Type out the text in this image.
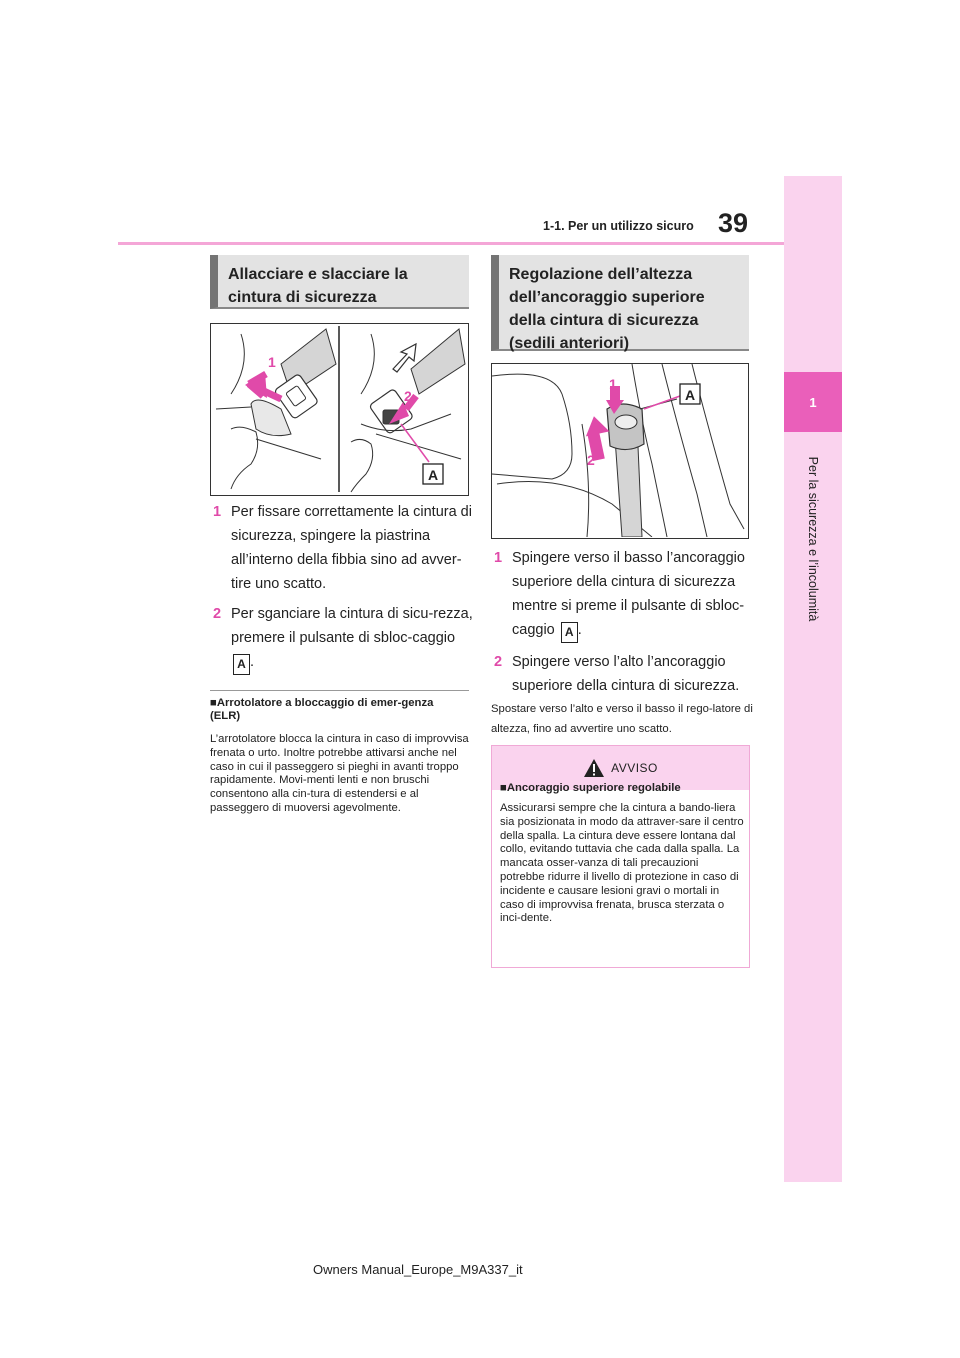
1-1. Per un utilizzo sicuro 39
1
Per la sicurezza e l’incolumità
Allacciare e slacciare la cintura di sicurezza
1
2
A
1 Per fissare correttamente la cintura di sicurezza, spingere la piastrina all’interno della fibbia sino ad avver-tire uno scatto.
2 Per sganciare la cintura di sicu-rezza, premere il pulsante di sbloc-caggio A .
■Arrotolatore a bloccaggio di emer-genza (ELR)
L’arrotolatore blocca la cintura in caso di improvvisa frenata o urto. Inoltre potrebbe attivarsi anche nel caso in cui il passeggero si pieghi in avanti troppo rapidamente. Movi-menti lenti e non bruschi consentono alla cin-tura di estendersi e al passeggero di muoversi agevolmente.
Regolazione dell’altezza dell’ancoraggio superiore della cintura di sicurezza (sedili anteriori)
1
2
A
1 Spingere verso il basso l’ancoraggio superiore della cintura di sicurezza mentre si preme il pulsante di sbloc-caggio A .
2 Spingere verso l’alto l’ancoraggio superiore della cintura di sicurezza.
Spostare verso l’alto e verso il basso il rego-latore di altezza, fino ad avvertire uno scatto.
AVVISO
■Ancoraggio superiore regolabile
Assicurarsi sempre che la cintura a bando-liera sia posizionata in modo da attraver-sare il centro della spalla. La cintura deve essere lontana dal collo, evitando tuttavia che cada dalla spalla. La mancata osser-vanza di tali precauzioni potrebbe ridurre il livello di protezione in caso di incidente e causare lesioni gravi o mortali in caso di improvvisa frenata, brusca sterzata o inci-dente.
Owners Manual_Europe_M9A337_it
